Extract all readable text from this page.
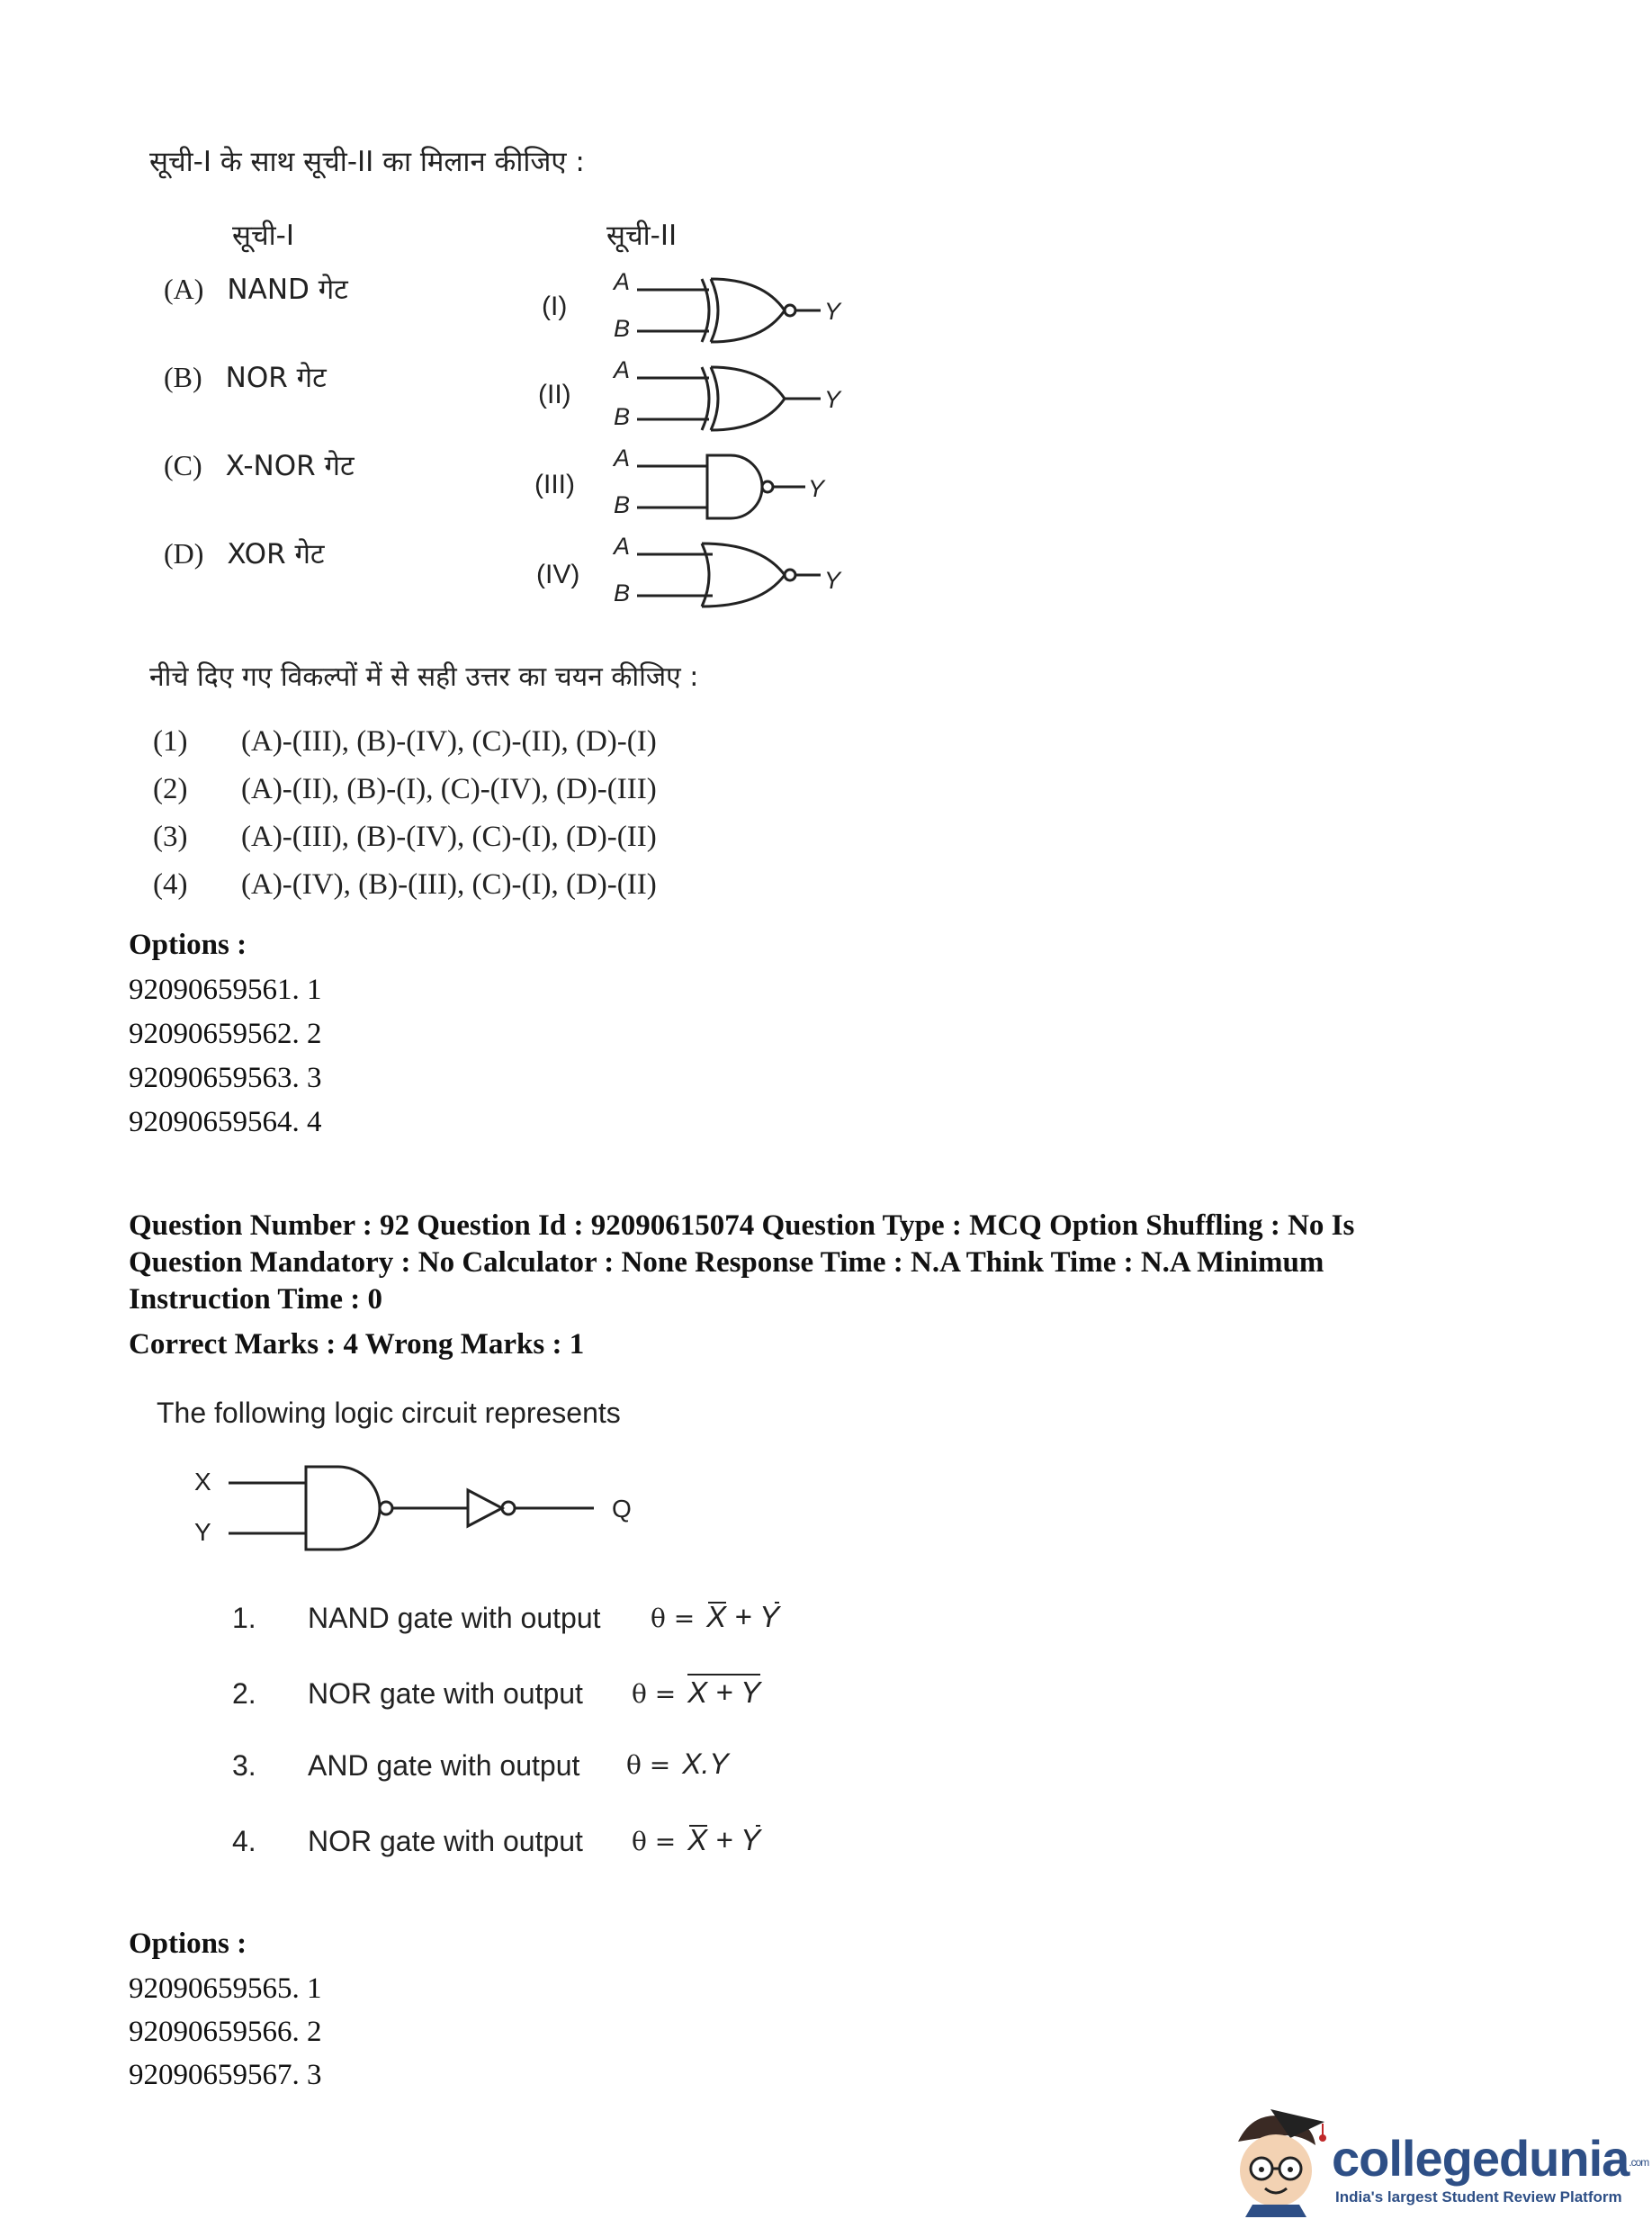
सूची-I के साथ सूची-II का मिलान कीजिए :
सूची-I	सूची-II
(A) NAND गेट
(B) NOR गेट
(C) X-NOR गेट
(D) XOR गेट
(I)
A
B
Y
(II)
A
B
Y
(III)
A
B
Y
(IV)
A
B	Y
नीचे दिए गए विकल्पों में से सही उत्तर का चयन कीजिए :
(1) (A)-(III), (B)-(IV), (C)-(II), (D)-(I)
(2) (A)-(II), (B)-(I), (C)-(IV), (D)-(III)
(3) (A)-(III), (B)-(IV), (C)-(I), (D)-(II)
(4) (A)-(IV), (B)-(III), (C)-(I), (D)-(II)
Options :
92090659561. 1
92090659562. 2
92090659563. 3
92090659564. 4
Question Number : 92 Question Id : 92090615074 Question Type : MCQ Option Shuffling : No Is
Question Mandatory : No Calculator : None Response Time : N.A Think Time : N.A Minimum
Instruction Time : 0
Correct Marks : 4 Wrong Marks : 1
The following logic circuit represents
X
Y
Q
1. NAND gate with output θ = X + Y
2. NOR gate with output θ = X + Y
3. AND gate with output θ = X.Y
4. NOR gate with output θ = X + Y
Options :
92090659565. 1
92090659566. 2
92090659567. 3
collegedunia.com
India's largest Student Review Platform
